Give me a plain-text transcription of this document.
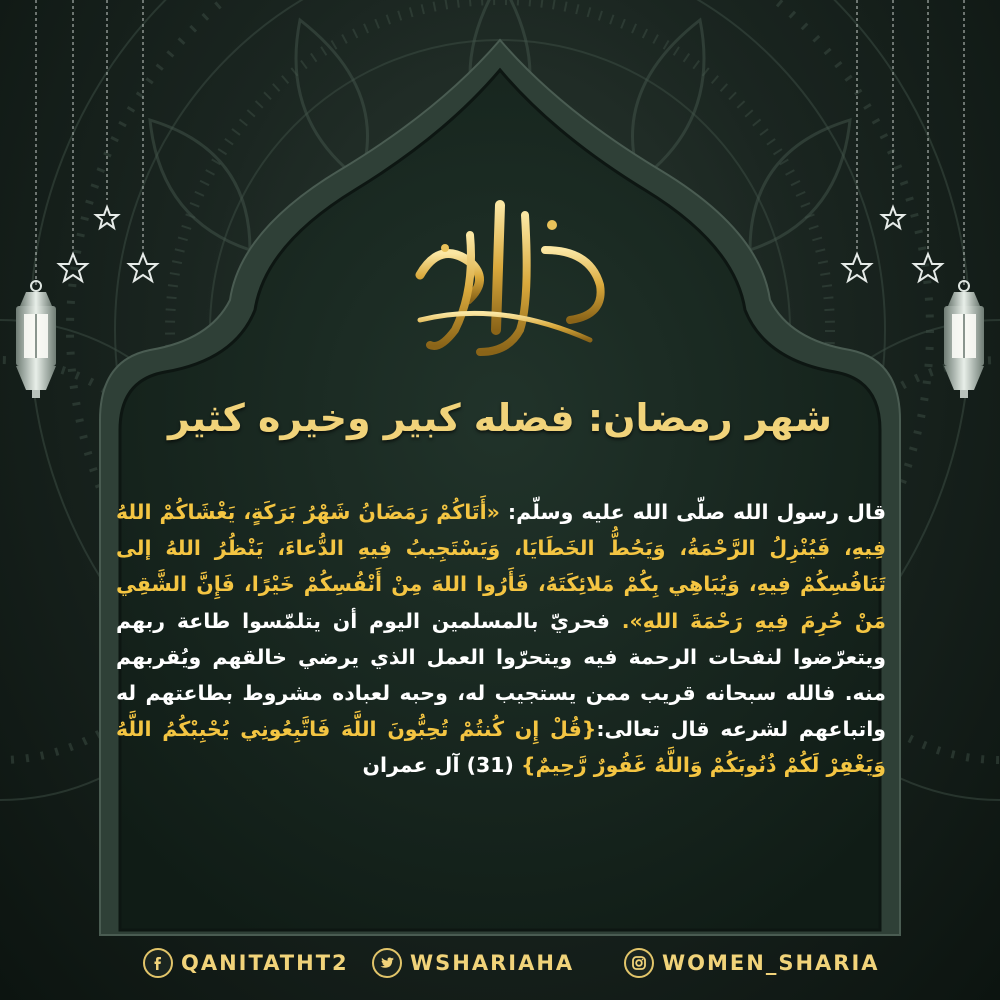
شهر رمضان: فضله كبير وخيره كثير
قال رسول الله صلّى الله عليه وسلّم: «أَتَاكُمْ رَمَضَانُ شَهْرُ بَرَكَةٍ، يَغْشَاكُمْ اللهُ فِيهِ، فَيُنْزِلُ الرَّحْمَةُ، وَيَحُطُّ الخَطَايَا، وَيَسْتَجِيبُ فِيهِ الدُّعاءَ، يَنْظُرُ اللهُ إلى تَنَافُسِكُمْ فِيهِ، وَيُبَاهِي بِكُمْ مَلائِكَتَهُ، فَأَرُوا اللهَ مِنْ أَنْفُسِكُمْ خَيْرًا، فَإِنَّ الشَّقِي مَنْ حُرِمَ فِيهِ رَحْمَةَ اللهِ». فحريّ بالمسلمين اليوم أن يتلمّسوا طاعة ربهم ويتعرّضوا لنفحات الرحمة فيه ويتحرّوا العمل الذي يرضي خالقهم ويُقربهم منه. فالله سبحانه قريب ممن يستجيب له، وحبه لعباده مشروط بطاعتهم له واتباعهم لشرعه قال تعالى:{قُلْ إِن كُنتُمْ تُحِبُّونَ اللَّهَ فَاتَّبِعُونِي يُحْبِبْكُمُ اللَّهُ وَيَغْفِرْ لَكُمْ ذُنُوبَكُمْ وَاللَّهُ غَفُورٌ رَّحِيمٌ} (31) آل عمران
QANITATHT2	WSHARIAHA	WOMEN_SHARIA
